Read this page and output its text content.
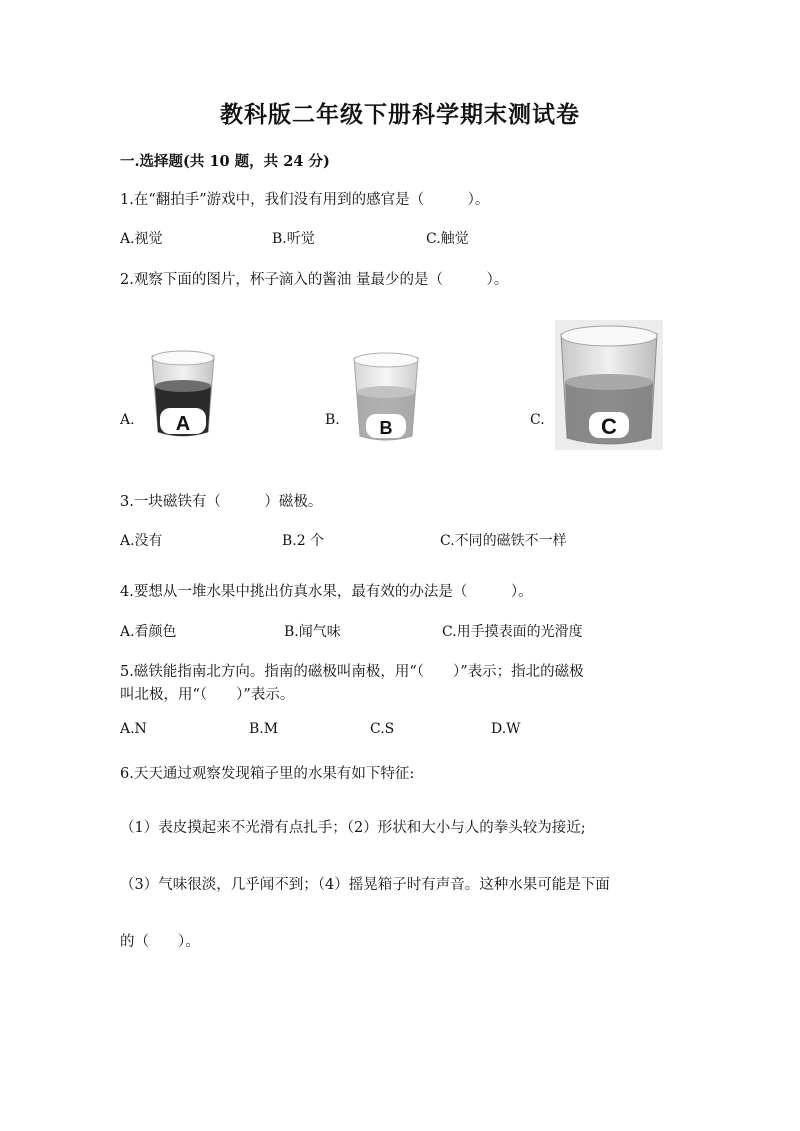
教科版二年级下册科学期末测试卷
一.选择题(共 10 题，共 24 分)
1.在“翻拍手”游戏中，我们没有用到的感官是（　　　）。
A.视觉	B.听觉	C.触觉
2.观察下面的图片，杯子滴入的酱油 量最少的是（　　　）。
A.	B.	C.
A	B	C
3.一块磁铁有（　　　）磁极。
A.没有	B.2 个	C.不同的磁铁不一样
4.要想从一堆水果中挑出仿真水果，最有效的办法是（　　　）。
A.看颜色	B.闻气味	C.用手摸表面的光滑度
5.磁铁能指南北方向。指南的磁极叫南极，用“（　　）”表示；指北的磁极
叫北极，用“（　　）”表示。
A.N	B.M	C.S	D.W
6.天天通过观察发现箱子里的水果有如下特征:
（1）表皮摸起来不光滑有点扎手；（2）形状和大小与人的拳头较为接近;
（3）气味很淡，几乎闻不到；（4）摇晃箱子时有声音。这种水果可能是下面
的（　　）。
